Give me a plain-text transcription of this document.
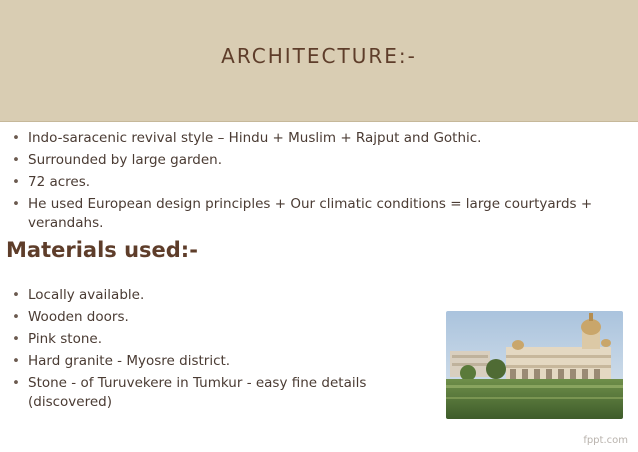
ARCHITECTURE:-
• Indo-saracenic revival style – Hindu + Muslim + Rajput and Gothic.
• Surrounded by large garden.
• 72 acres.
• He used European design principles + Our climatic conditions = large courtyards + verandahs.
Materials used:-
• Locally available.
• Wooden doors.
• Pink stone.
• Hard granite - Myosre district.
• Stone - of Turuvekere in Tumkur - easy fine details (discovered)
fppt.com
